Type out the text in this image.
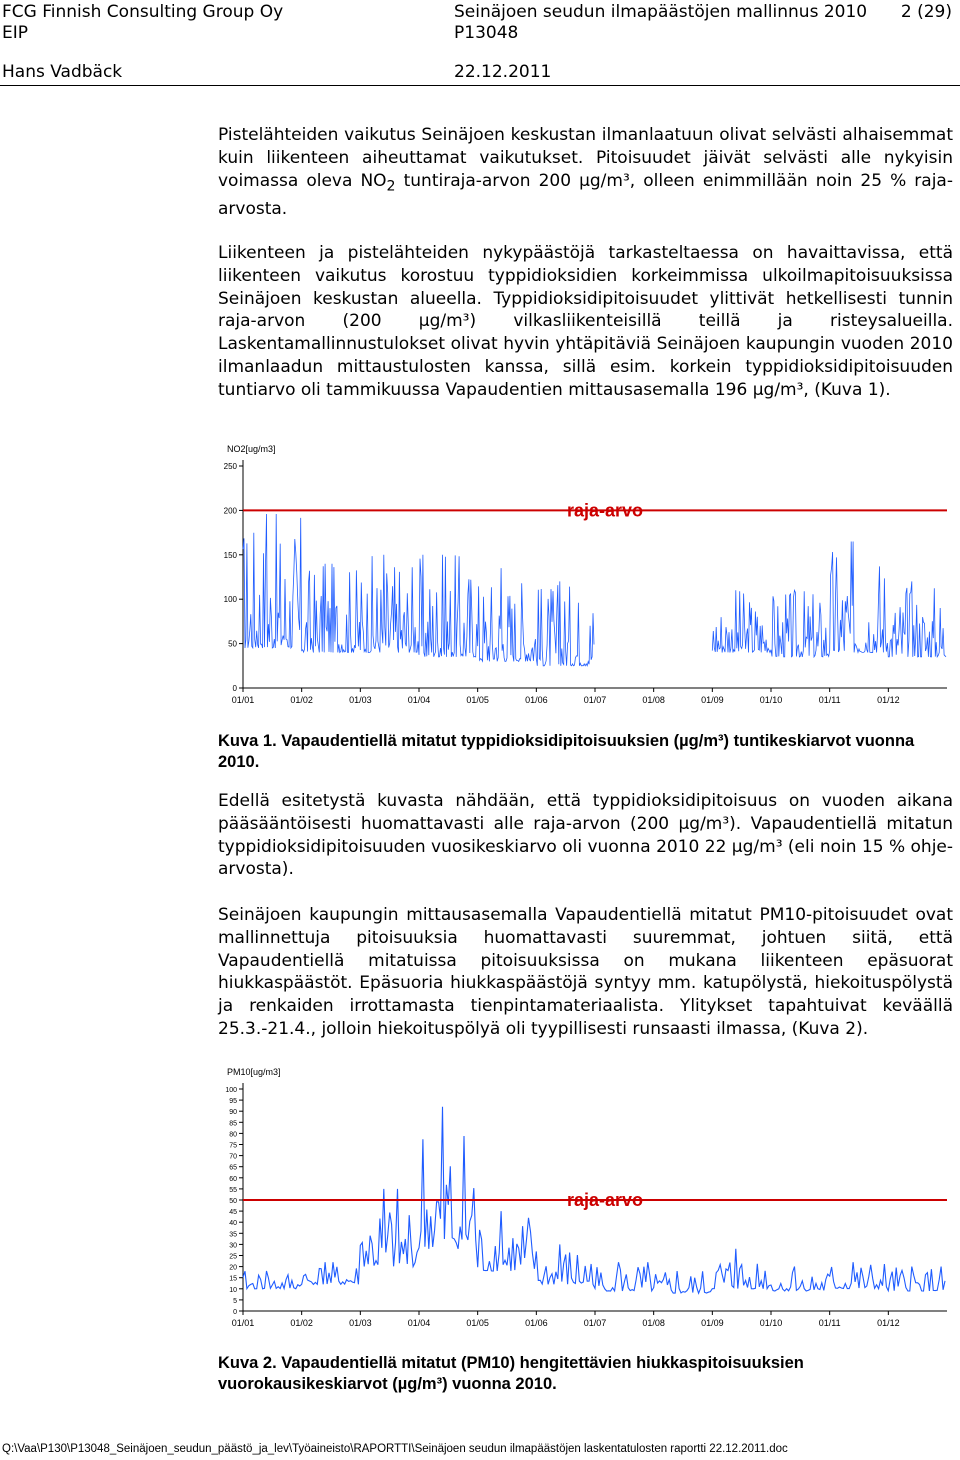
FCG Finnish Consulting Group Oy
EIP
Hans Vadbäck
Seinäjoen seudun ilmapäästöjen mallinnus 2010
P13048
22.12.2011
2 (29)

Pistelähteiden vaikutus Seinäjoen keskustan ilmanlaatuun olivat selvästi alhaisemmat kuin liikenteen aiheuttamat vaikutukset. Pitoisuudet jäivät selvästi alle nykyisin voimassa oleva $NO_2$ tuntiraja-arvon 200 µg/m³, olleen enimmillään noin 25 % raja-arvosta.

Liikenteen ja pistelähteiden nykypäästöjä tarkasteltaessa on havaittavissa, että liikenteen vaikutus korostuu typpidioksidien korkeimmissa ulkoilmapitoisuuksissa Seinäjoen keskustan alueella. Typpidioksidipitoisuudet ylittivät hetkellisesti tunnin raja-arvon (200 µg/m³) vilkasliikenteisillä teillä ja risteysalueilla. Laskentamallinnustulokset olivat hyvin yhtäpitäviä Seinäjoen kaupungin vuoden 2010 ilmanlaadun mittaustulosten kanssa, sillä esim. korkein typpidioksidipitoisuuden tuntiarvo oli tammikuussa Vapaudentien mittausasemalla 196 µg/m³, (Kuva 1).

NO2[ug/m3]
0
50
100
150
200
250
01/01	01/02	01/03	01/04	01/05	01/06	01/07	01/08	01/09	01/10	01/11	01/12
raja-arvo

Kuva 1. Vapaudentiellä mitatut typpidioksidipitoisuuksien (µg/m³) tuntikeskiarvot vuonna 2010.

Edellä esitetystä kuvasta nähdään, että typpidioksidipitoisuus on vuoden aikana pääsääntöisesti huomattavasti alle raja-arvon (200 µg/m³). Vapaudentiellä mitatun typpidioksidipitoisuuden vuosikeskiarvo oli vuonna 2010 22 µg/m³ (eli noin 15 % ohje-arvosta).

Seinäjoen kaupungin mittausasemalla Vapaudentiellä mitatut PM10-pitoisuudet ovat mallinnettuja pitoisuuksia huomattavasti suuremmat, johtuen siitä, että Vapaudentiellä mitatuissa pitoisuuksissa on mukana liikenteen epäsuorat hiukkaspäästöt. Epäsuoria hiukkaspäästöjä syntyy mm. katupölystä, hiekoituspölystä ja renkaiden irrottamasta tienpintamateriaalista. Ylitykset tapahtuivat keväällä 25.3.-21.4., jolloin hiekoituspölyä oli tyypillisesti runsaasti ilmassa, (Kuva 2).

PM10[ug/m3]
0
5
10
15
20
25
30
35
40
45
50
55
60
65
70
75
80
85
90
95
100
01/01	01/02	01/03	01/04	01/05	01/06	01/07	01/08	01/09	01/10	01/11	01/12
raja-arvo

Kuva 2. Vapaudentiellä mitatut (PM10) hengitettävien hiukkaspitoisuuksien vuorokausikeskiarvot (µg/m³) vuonna 2010.

Q:\Vaa\P130\P13048_Seinäjoen_seudun_päästö_ja_lev\Työaineisto\RAPORTTI\Seinäjoen seudun ilmapäästöjen laskentatulosten raportti 22.12.2011.doc
